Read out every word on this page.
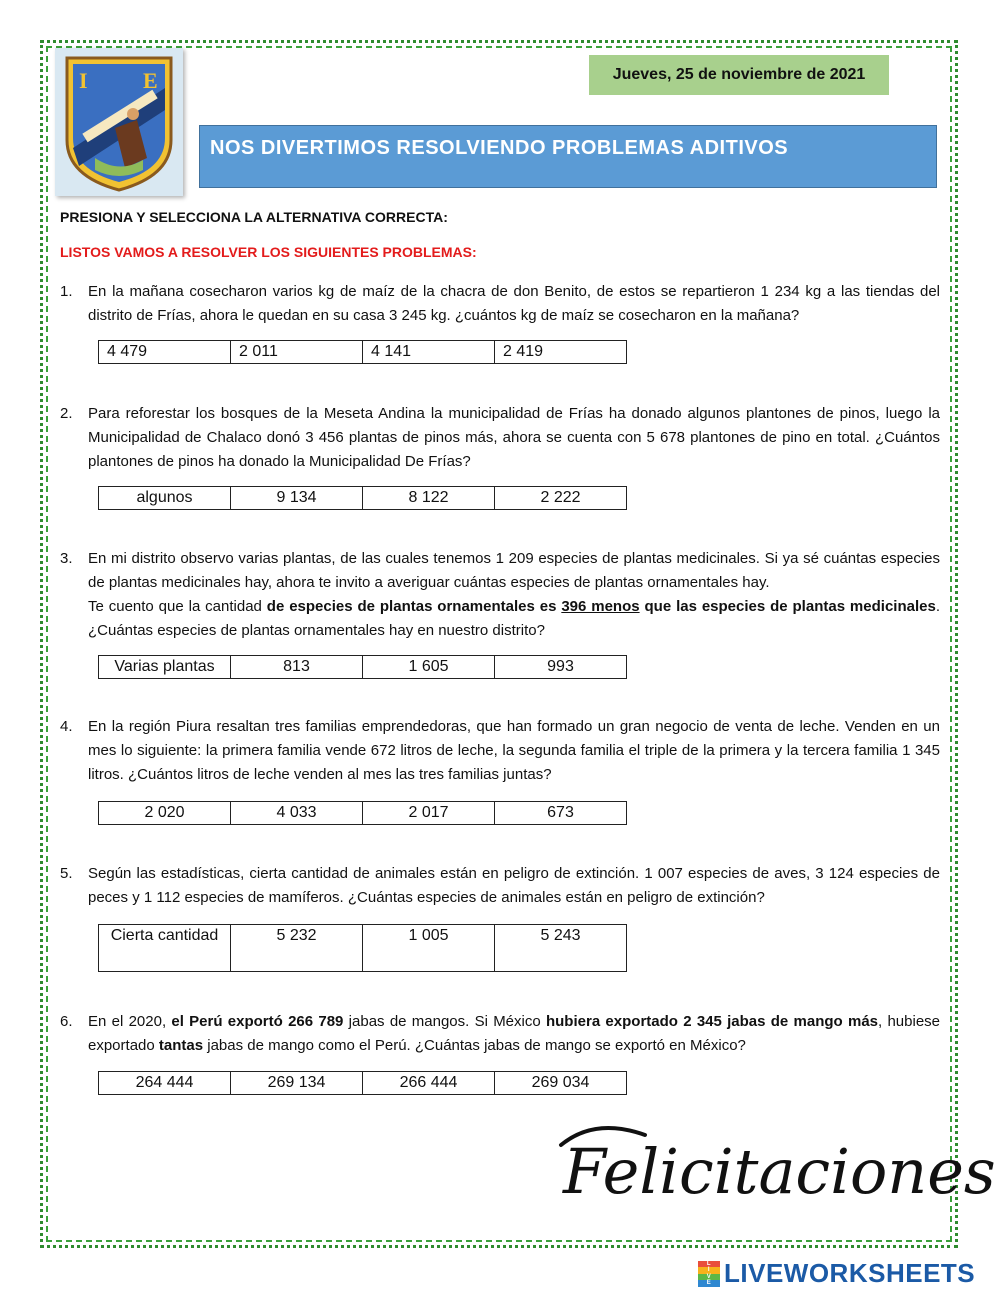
I	E	Jueves, 25 de noviembre de 2021
NOS DIVERTIMOS RESOLVIENDO PROBLEMAS ADITIVOS
PRESIONA Y SELECCIONA LA ALTERNATIVA CORRECTA:
LISTOS VAMOS A RESOLVER LOS SIGUIENTES PROBLEMAS:
1. En la mañana cosecharon varios kg de maíz de la chacra de don Benito, de estos se repartieron 1 234 kg a las tiendas del distrito de Frías, ahora le quedan en su casa 3 245 kg. ¿cuántos kg de maíz se cosecharon en la mañana?
4 479	2 011	4 141	2 419
2. Para reforestar los bosques de la Meseta Andina la municipalidad de Frías ha donado algunos plantones de pinos, luego la Municipalidad de Chalaco donó 3 456 plantas de pinos más, ahora se cuenta con 5 678 plantones de pino en total. ¿Cuántos plantones de pinos ha donado la Municipalidad De Frías?
algunos	9 134	8 122	2 222
3. En mi distrito observo varias plantas, de las cuales tenemos 1 209 especies de plantas medicinales. Si ya sé cuántas especies de plantas medicinales hay, ahora te invito a averiguar cuántas especies de plantas ornamentales hay.
Te cuento que la cantidad de especies de plantas ornamentales es 396 menos que las especies de plantas medicinales. ¿Cuántas especies de plantas ornamentales hay en nuestro distrito?
Varias plantas	813	1 605	993
4. En la región Piura resaltan tres familias emprendedoras, que han formado un gran negocio de venta de leche. Venden en un mes lo siguiente: la primera familia vende 672 litros de leche, la segunda familia el triple de la primera y la tercera familia 1 345 litros. ¿Cuántos litros de leche venden al mes las tres familias juntas?
2 020	4 033	2 017	673
5. Según las estadísticas, cierta cantidad de animales están en peligro de extinción. 1 007 especies de aves, 3 124 especies de peces y 1 112 especies de mamíferos. ¿Cuántas especies de animales están en peligro de extinción?
Cierta cantidad	5 232	1 005	5 243
6. En el 2020, el Perú exportó 266 789 jabas de mangos. Si México hubiera exportado 2 345 jabas de mango más, hubiese exportado tantas jabas de mango como el Perú. ¿Cuántas jabas de mango se exportó en México?
264 444	269 134	266 444	269 034
Felicitaciones
L
I
V
E LIVEWORKSHEETS
